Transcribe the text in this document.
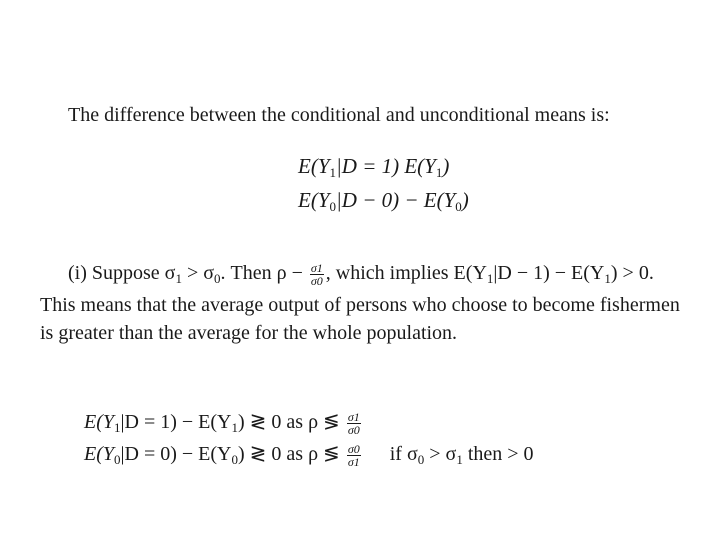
The difference between the conditional and unconditional means is:
$E(Y_1|D = 1)$ $E(Y_1)$
$E(Y_0|D - 0) - E(Y_0)$
(i) Suppose $\sigma_1 > \sigma_0$. Then $\rho - \frac{\sigma 1}{\sigma 0}$ , which implies $E(Y_1|D - 1) - E(Y_1) > 0$.
This means that the average output of persons who choose to become fishermen
is greater than the average for the whole population.
$E(Y_1|D = 1) - E(Y_1)$ ≷ 0 as ρ ≶ $\frac{\sigma 1}{\sigma 0}$
$E(Y_0|D = 0) - E(Y_0)$ ≷ 0 as ρ ≶ $\frac{\sigma 0}{\sigma 1}$ if $\sigma_0 > \sigma_1$ then > 0
